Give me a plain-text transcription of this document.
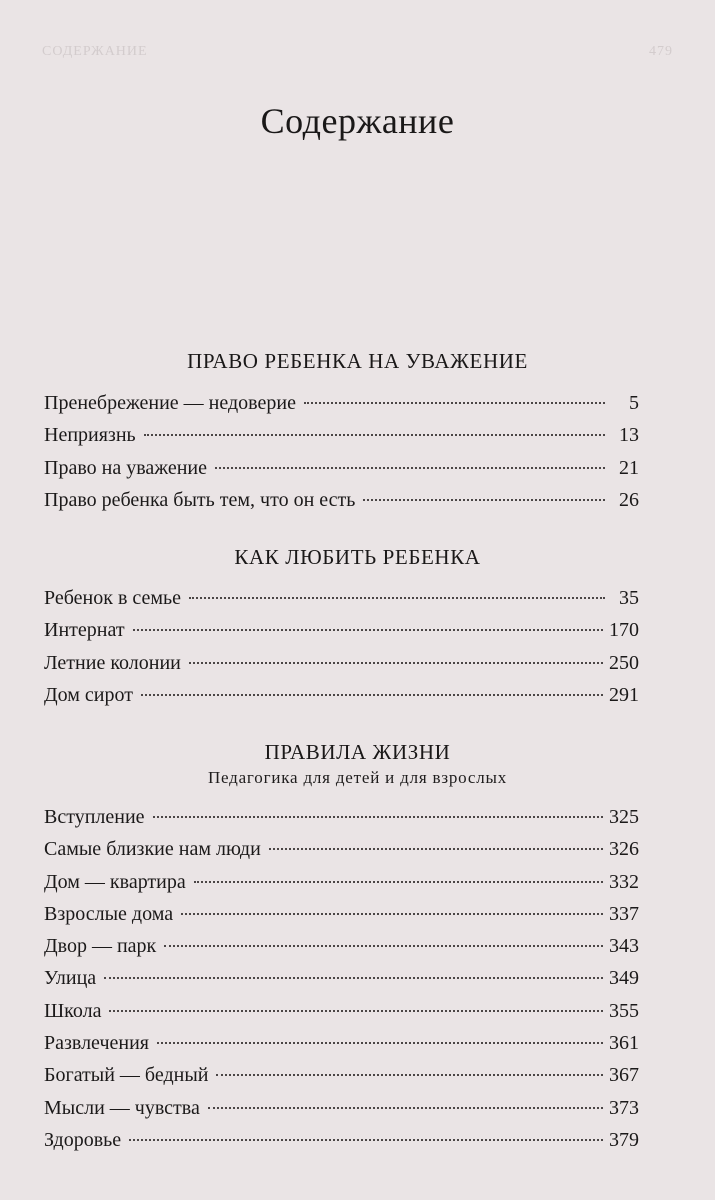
СОДЕРЖАНИЕ	479
Содержание
ПРАВО РЕБЕНКА НА УВАЖЕНИЕ
Пренебрежение — недоверие	5
Неприязнь	13
Право на уважение	21
Право ребенка быть тем, что он есть	26
КАК ЛЮБИТЬ РЕБЕНКА
Ребенок в семье	35
Интернат	170
Летние колонии	250
Дом сирот	291
ПРАВИЛА ЖИЗНИ
Педагогика для детей и для взрослых
Вступление	325
Самые близкие нам люди	326
Дом — квартира	332
Взрослые дома	337
Двор — парк	343
Улица	349
Школа	355
Развлечения	361
Богатый — бедный	367
Мысли — чувства	373
Здоровье	379
